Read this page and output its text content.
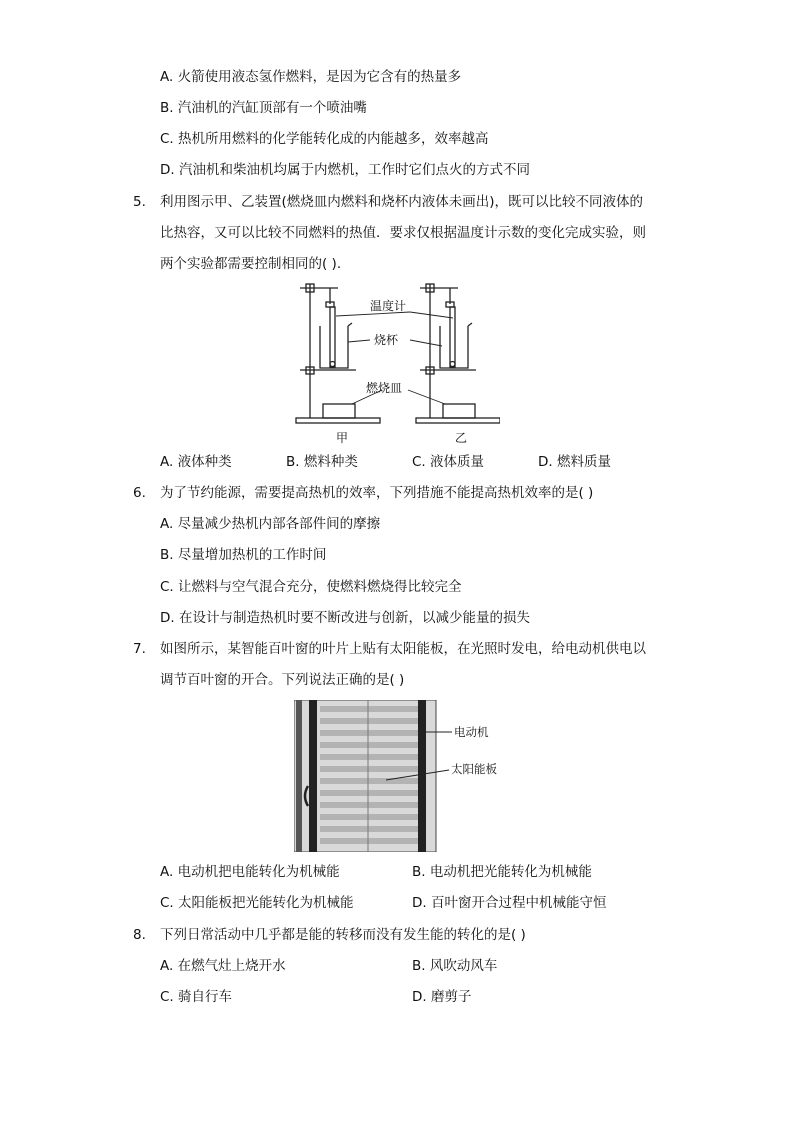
A. 火箭使用液态氢作燃料，是因为它含有的热量多
B. 汽油机的汽缸顶部有一个喷油嘴
C. 热机所用燃料的化学能转化成的内能越多，效率越高
D. 汽油机和柴油机均属于内燃机，工作时它们点火的方式不同
5. 利用图示甲、乙装置(燃烧皿内燃料和烧杯内液体未画出)，既可以比较不同液体的
比热容，又可以比较不同燃料的热值．要求仅根据温度计示数的变化完成实验，则
两个实验都需要控制相同的( ).
温度计
烧杯
燃烧皿
甲	乙
A. 液体种类	B. 燃料种类	C. 液体质量	D. 燃料质量
6. 为了节约能源，需要提高热机的效率，下列措施不能提高热机效率的是( )
A. 尽量减少热机内部各部件间的摩擦
B. 尽量增加热机的工作时间
C. 让燃料与空气混合充分，使燃料燃烧得比较完全
D. 在设计与制造热机时要不断改进与创新，以减少能量的损失
7. 如图所示，某智能百叶窗的叶片上贴有太阳能板，在光照时发电，给电动机供电以
调节百叶窗的开合。下列说法正确的是( )
电动机
太阳能板
A. 电动机把电能转化为机械能	B. 电动机把光能转化为机械能
C. 太阳能板把光能转化为机械能	D. 百叶窗开合过程中机械能守恒
8. 下列日常活动中几乎都是能的转移而没有发生能的转化的是( )
A. 在燃气灶上烧开水	B. 风吹动风车
C. 骑自行车	D. 磨剪子
